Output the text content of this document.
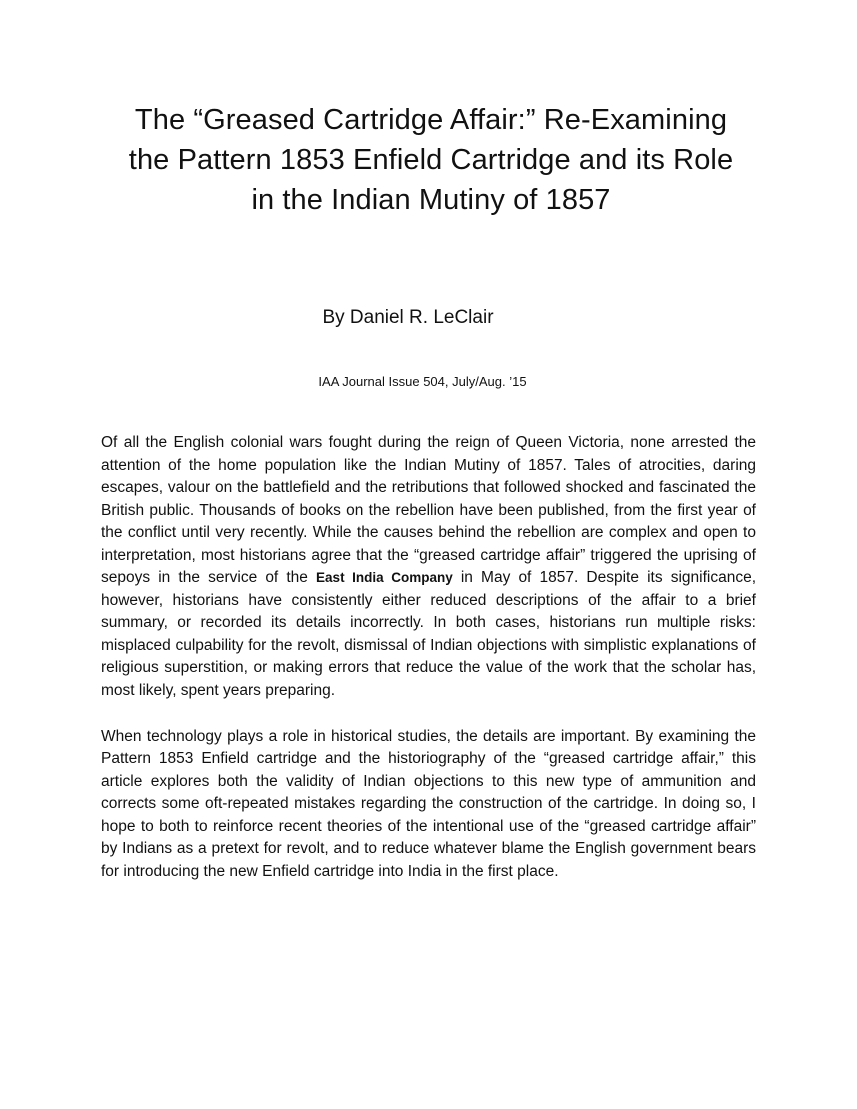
The “Greased Cartridge Affair:” Re-Examining
the Pattern 1853 Enfield Cartridge and its Role
in the Indian Mutiny of 1857
By Daniel R. LeClair
IAA Journal Issue 504, July/Aug. ’15

Of all the English colonial wars fought during the reign of Queen Victoria, none arrested the attention of the home population like the Indian Mutiny of 1857. Tales of atrocities, daring escapes, valour on the battlefield and the retributions that followed shocked and fascinated the British public. Thousands of books on the rebellion have been published, from the first year of the conflict until very recently. While the causes behind the rebellion are complex and open to interpretation, most historians agree that the “greased cartridge affair” triggered the uprising of sepoys in the service of the East India Company in May of 1857. Despite its significance, however, historians have consistently either reduced descriptions of the affair to a brief summary, or recorded its details incorrectly. In both cases, historians run multiple risks: misplaced culpability for the revolt, dismissal of Indian objections with simplistic explanations of religious superstition, or making errors that reduce the value of the work that the scholar has, most likely, spent years preparing.

When technology plays a role in historical studies, the details are important. By examining the Pattern 1853 Enfield cartridge and the historiography of the “greased cartridge affair,” this article explores both the validity of Indian objections to this new type of ammunition and corrects some oft-repeated mistakes regarding the construction of the cartridge. In doing so, I hope to both to reinforce recent theories of the intentional use of the “greased cartridge affair” by Indians as a pretext for revolt, and to reduce whatever blame the English government bears for introducing the new Enfield cartridge into India in the first place.
